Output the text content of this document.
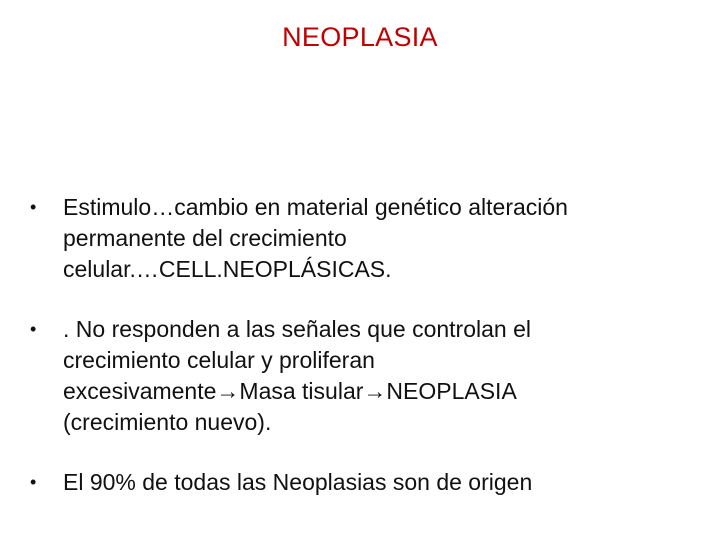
NEOPLASIA
• Estimulo…cambio en material genético alteración
permanente del crecimiento
celular.…CELL.NEOPLÁSICAS.
• . No responden a las señales que controlan el
crecimiento celular y proliferan
excesivamente→Masa tisular→NEOPLASIA
(crecimiento nuevo).
• El 90% de todas las Neoplasias son de origen
